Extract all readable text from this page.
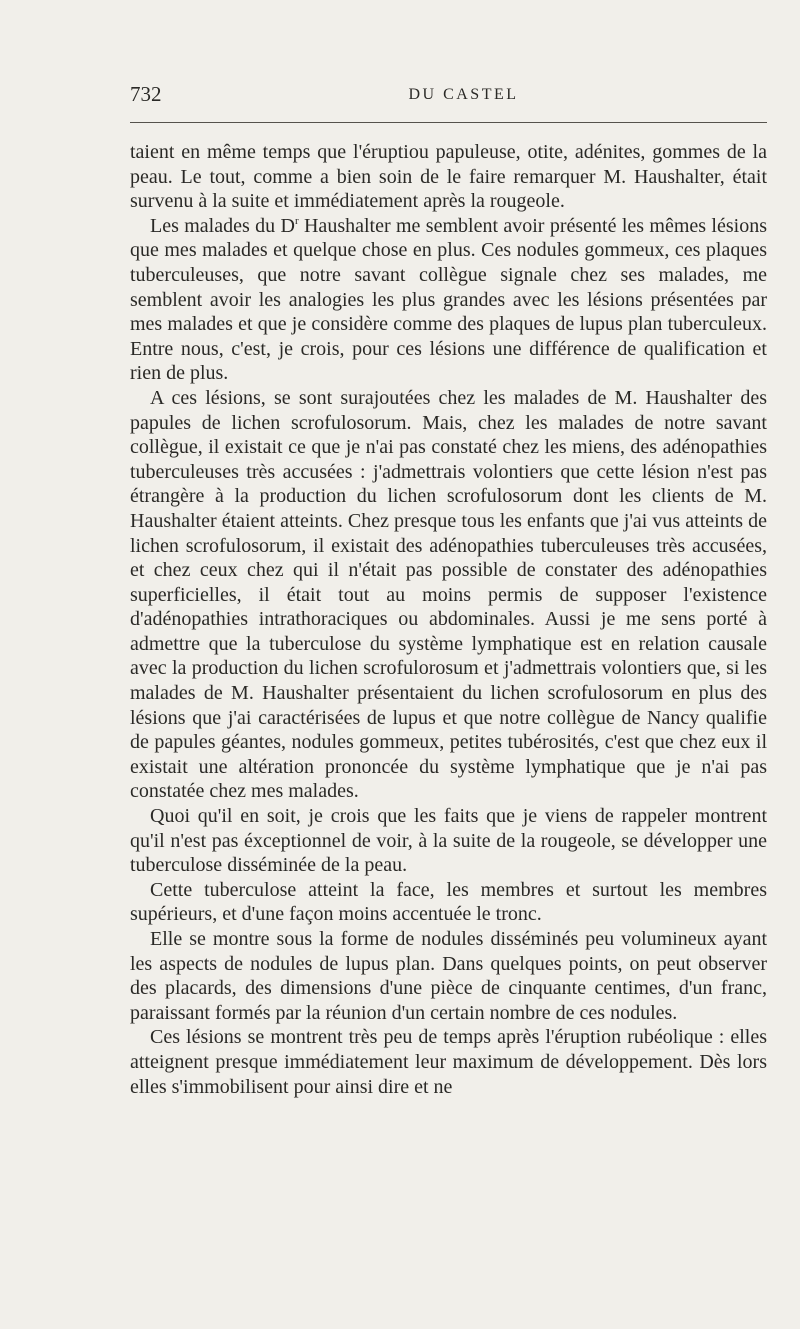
732	DU CASTEL

taient en même temps que l'éruptiou papuleuse, otite, adénites, gommes de la peau. Le tout, comme a bien soin de le faire remarquer M. Haushalter, était survenu à la suite et immédiatement après la rougeole.

Les malades du $D^r$ Haushalter me semblent avoir présenté les mêmes lésions que mes malades et quelque chose en plus. Ces nodules gommeux, ces plaques tuberculeuses, que notre savant collègue signale chez ses malades, me semblent avoir les analogies les plus grandes avec les lésions présentées par mes malades et que je considère comme des plaques de lupus plan tuberculeux. Entre nous, c'est, je crois, pour ces lésions une différence de qualification et rien de plus.

A ces lésions, se sont surajoutées chez les malades de M. Haushalter des papules de lichen scrofulosorum. Mais, chez les malades de notre savant collègue, il existait ce que je n'ai pas constaté chez les miens, des adénopathies tuberculeuses très accusées : j'admettrais volontiers que cette lésion n'est pas étrangère à la production du lichen scrofulosorum dont les clients de M. Haushalter étaient atteints. Chez presque tous les enfants que j'ai vus atteints de lichen scrofulosorum, il existait des adénopathies tuberculeuses très accusées, et chez ceux chez qui il n'était pas possible de constater des adénopathies superficielles, il était tout au moins permis de supposer l'existence d'adénopathies intrathoraciques ou abdominales. Aussi je me sens porté à admettre que la tuberculose du système lymphatique est en relation causale avec la production du lichen scrofulorosum et j'admettrais volontiers que, si les malades de M. Haushalter présentaient du lichen scrofulosorum en plus des lésions que j'ai caractérisées de lupus et que notre collègue de Nancy qualifie de papules géantes, nodules gommeux, petites tubérosités, c'est que chez eux il existait une altération prononcée du système lymphatique que je n'ai pas constatée chez mes malades.

Quoi qu'il en soit, je crois que les faits que je viens de rappeler montrent qu'il n'est pas éxceptionnel de voir, à la suite de la rougeole, se développer une tuberculose disséminée de la peau.

Cette tuberculose atteint la face, les membres et surtout les membres supérieurs, et d'une façon moins accentuée le tronc.

Elle se montre sous la forme de nodules disséminés peu volumineux ayant les aspects de nodules de lupus plan. Dans quelques points, on peut observer des placards, des dimensions d'une pièce de cinquante centimes, d'un franc, paraissant formés par la réunion d'un certain nombre de ces nodules.

Ces lésions se montrent très peu de temps après l'éruption rubéolique : elles atteignent presque immédiatement leur maximum de développement. Dès lors elles s'immobilisent pour ainsi dire et ne
